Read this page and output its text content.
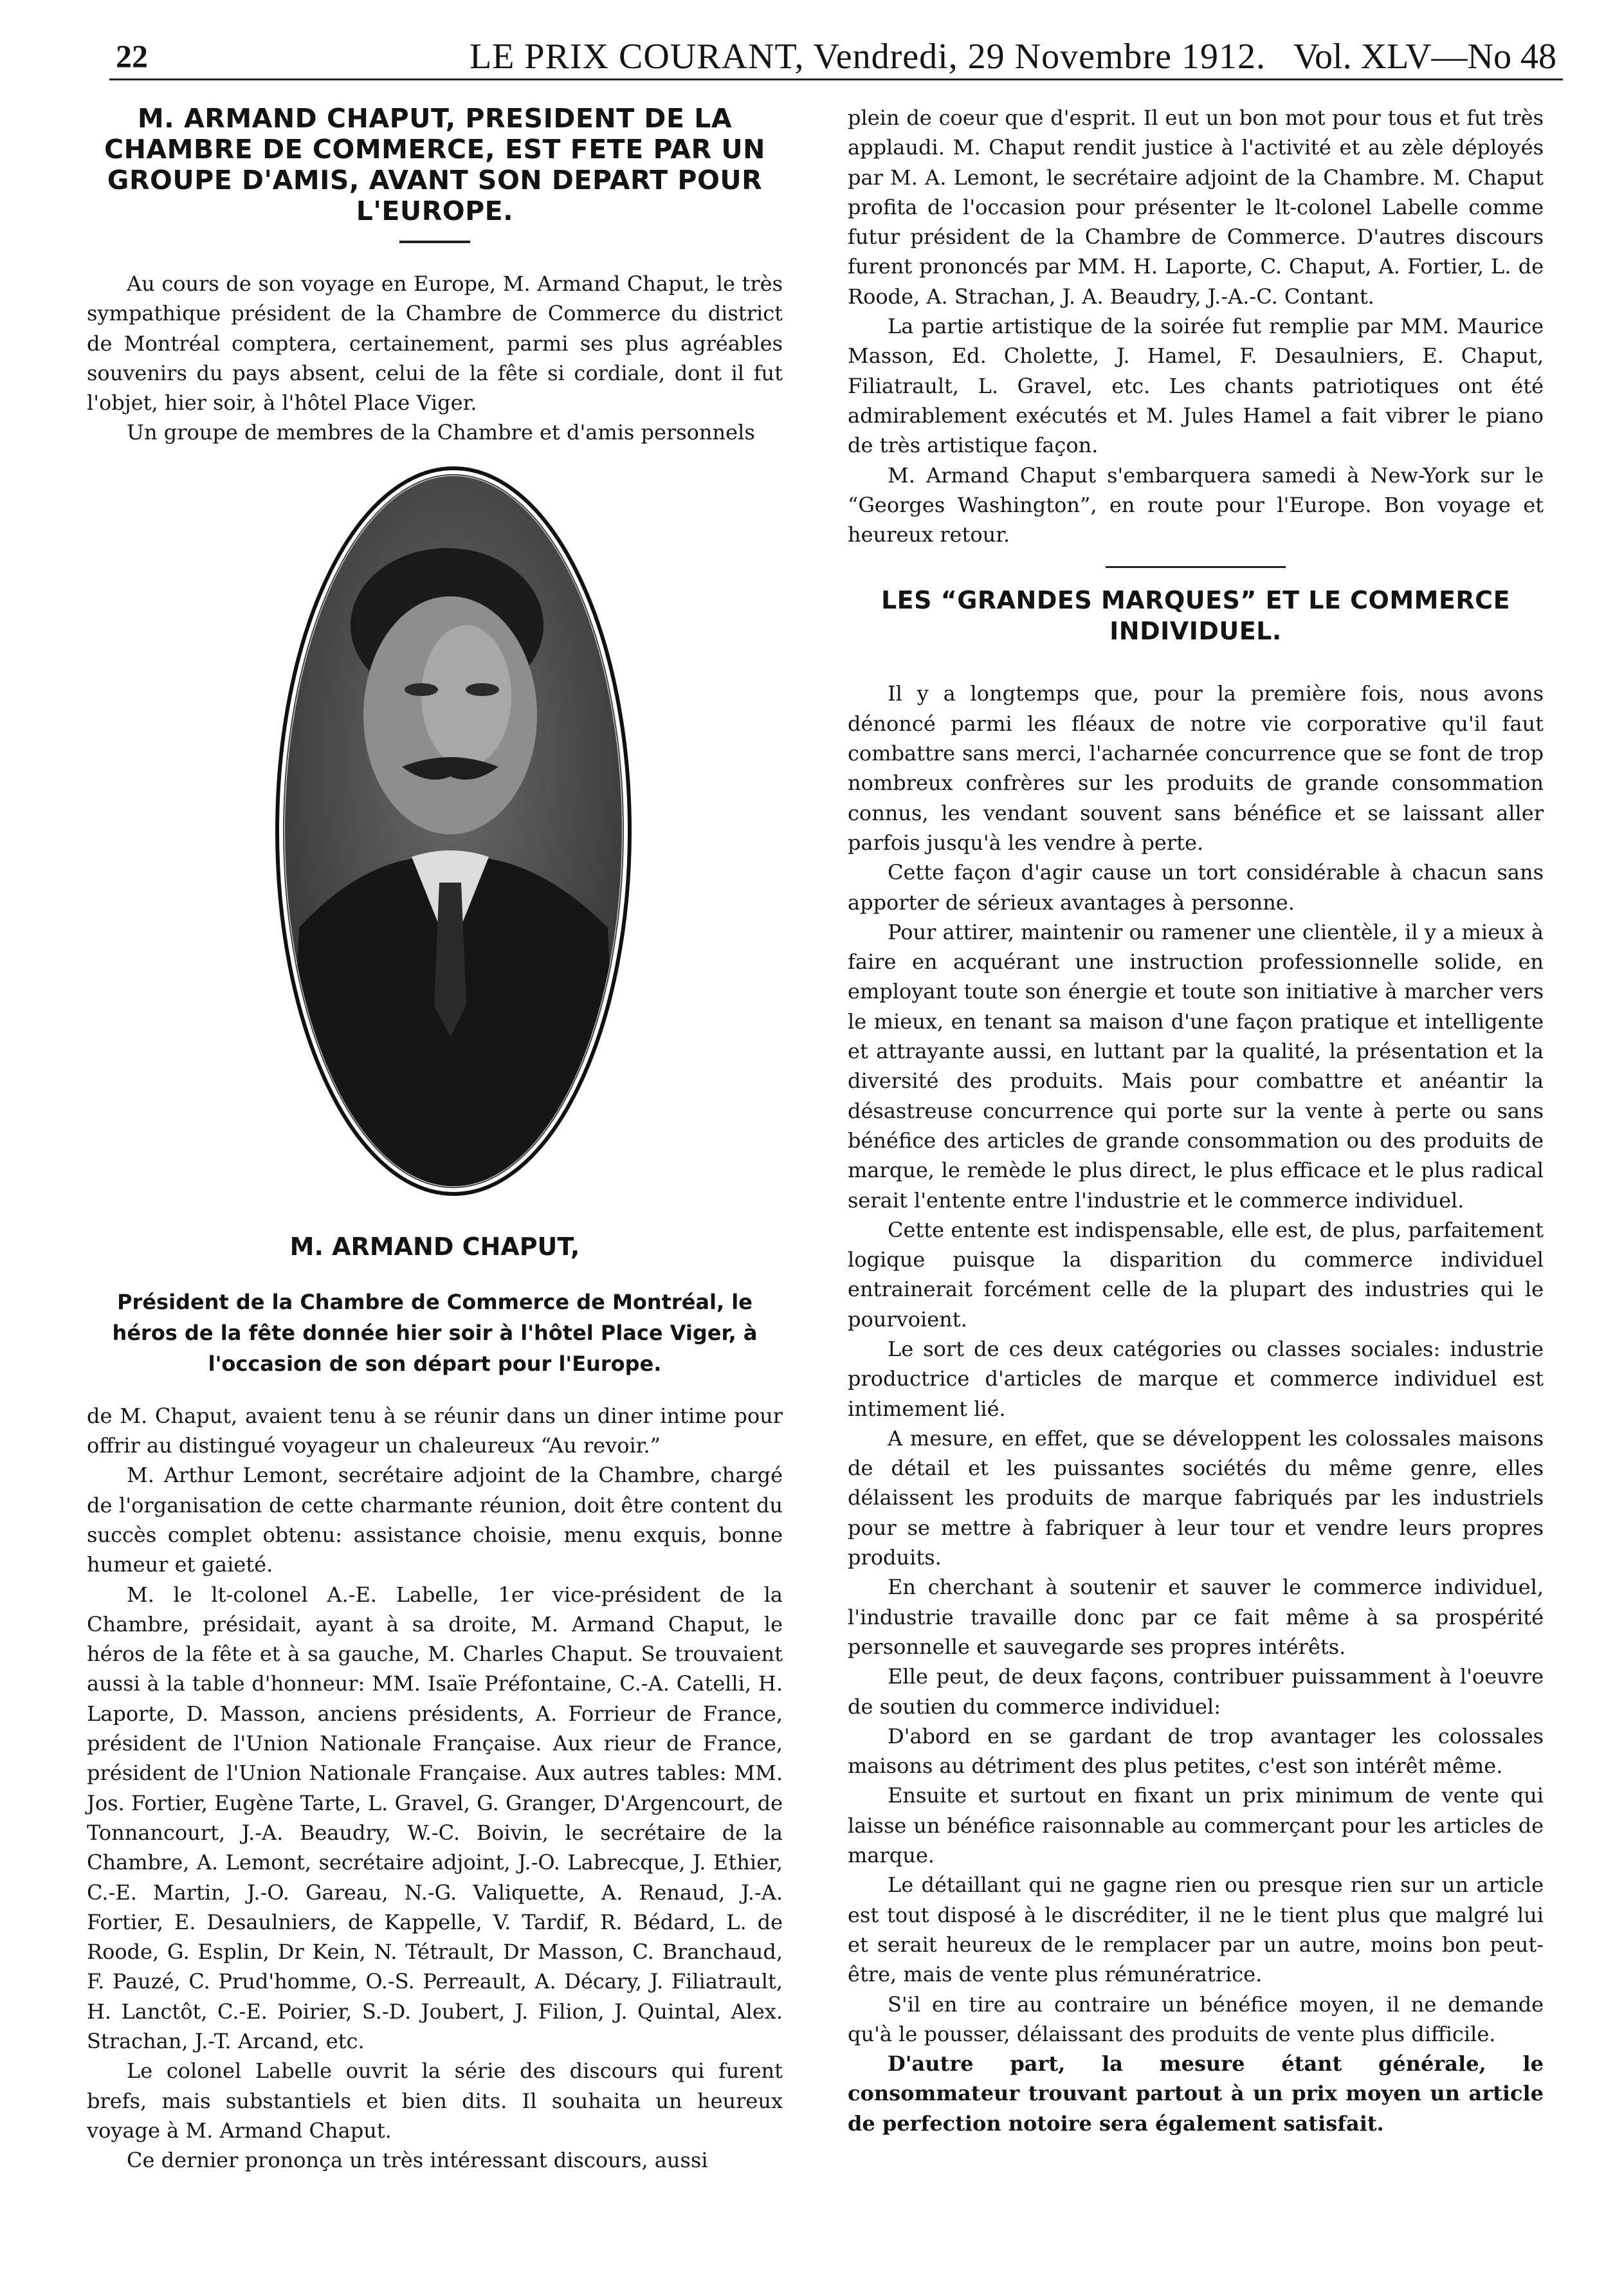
22	LE PRIX COURANT, Vendredi, 29 Novembre 1912. Vol. XLV—No 48
M. ARMAND CHAPUT, PRESIDENT DE LA CHAMBRE DE COMMERCE, EST FETE PAR UN GROUPE D'AMIS, AVANT SON DEPART POUR L'EUROPE.

Au cours de son voyage en Europe, M. Armand Chaput, le très sympathique président de la Chambre de Commerce du district de Montréal comptera, certainement, parmi ses plus agréables souvenirs du pays absent, celui de la fête si cordiale, dont il fut l'objet, hier soir, à l'hôtel Place Viger.

Un groupe de membres de la Chambre et d'amis personnels

M. ARMAND CHAPUT,
Président de la Chambre de Commerce de Montréal, le héros de la fête donnée hier soir à l'hôtel Place Viger, à l'occasion de son départ pour l'Europe.

de M. Chaput, avaient tenu à se réunir dans un diner intime pour offrir au distingué voyageur un chaleureux “Au revoir.”

M. Arthur Lemont, secrétaire adjoint de la Chambre, chargé de l'organisation de cette charmante réunion, doit être content du succès complet obtenu: assistance choisie, menu exquis, bonne humeur et gaieté.

M. le lt-colonel A.-E. Labelle, 1er vice-président de la Chambre, présidait, ayant à sa droite, M. Armand Chaput, le héros de la fête et à sa gauche, M. Charles Chaput. Se trouvaient aussi à la table d'honneur: MM. Isaïe Préfontaine, C.-A. Catelli, H. Laporte, D. Masson, anciens présidents, A. Forrieur de France, président de l'Union Nationale Française. Aux rieur de France, président de l'Union Nationale Française. Aux autres tables: MM. Jos. Fortier, Eugène Tarte, L. Gravel, G. Granger, D'Argencourt, de Tonnancourt, J.-A. Beaudry, W.-C. Boivin, le secrétaire de la Chambre, A. Lemont, secrétaire adjoint, J.-O. Labrecque, J. Ethier, C.-E. Martin, J.-O. Gareau, N.-G. Valiquette, A. Renaud, J.-A. Fortier, E. Desaulniers, de Kappelle, V. Tardif, R. Bédard, L. de Roode, G. Esplin, Dr Kein, N. Tétrault, Dr Masson, C. Branchaud, F. Pauzé, C. Prud'homme, O.-S. Perreault, A. Décary, J. Filiatrault, H. Lanctôt, C.-E. Poirier, S.-D. Joubert, J. Filion, J. Quintal, Alex. Strachan, J.-T. Arcand, etc.

Le colonel Labelle ouvrit la série des discours qui furent brefs, mais substantiels et bien dits. Il souhaita un heureux voyage à M. Armand Chaput.

Ce dernier prononça un très intéressant discours, aussi

plein de coeur que d'esprit. Il eut un bon mot pour tous et fut très applaudi. M. Chaput rendit justice à l'activité et au zèle déployés par M. A. Lemont, le secrétaire adjoint de la Chambre. M. Chaput profita de l'occasion pour présenter le lt-colonel Labelle comme futur président de la Chambre de Commerce. D'autres discours furent prononcés par MM. H. Laporte, C. Chaput, A. Fortier, L. de Roode, A. Strachan, J. A. Beaudry, J.-A.-C. Contant.

La partie artistique de la soirée fut remplie par MM. Maurice Masson, Ed. Cholette, J. Hamel, F. Desaulniers, E. Chaput, Filiatrault, L. Gravel, etc. Les chants patriotiques ont été admirablement exécutés et M. Jules Hamel a fait vibrer le piano de très artistique façon.

M. Armand Chaput s'embarquera samedi à New-York sur le “Georges Washington”, en route pour l'Europe. Bon voyage et heureux retour.

LES “GRANDES MARQUES” ET LE COMMERCE INDIVIDUEL.

Il y a longtemps que, pour la première fois, nous avons dénoncé parmi les fléaux de notre vie corporative qu'il faut combattre sans merci, l'acharnée concurrence que se font de trop nombreux confrères sur les produits de grande consommation connus, les vendant souvent sans bénéfice et se laissant aller parfois jusqu'à les vendre à perte.

Cette façon d'agir cause un tort considérable à chacun sans apporter de sérieux avantages à personne.

Pour attirer, maintenir ou ramener une clientèle, il y a mieux à faire en acquérant une instruction professionnelle solide, en employant toute son énergie et toute son initiative à marcher vers le mieux, en tenant sa maison d'une façon pratique et intelligente et attrayante aussi, en luttant par la qualité, la présentation et la diversité des produits. Mais pour combattre et anéantir la désastreuse concurrence qui porte sur la vente à perte ou sans bénéfice des articles de grande consommation ou des produits de marque, le remède le plus direct, le plus efficace et le plus radical serait l'entente entre l'industrie et le commerce individuel.

Cette entente est indispensable, elle est, de plus, parfaitement logique puisque la disparition du commerce individuel entrainerait forcément celle de la plupart des industries qui le pourvoient.

Le sort de ces deux catégories ou classes sociales: industrie productrice d'articles de marque et commerce individuel est intimement lié.

A mesure, en effet, que se développent les colossales maisons de détail et les puissantes sociétés du même genre, elles délaissent les produits de marque fabriqués par les industriels pour se mettre à fabriquer à leur tour et vendre leurs propres produits.

En cherchant à soutenir et sauver le commerce individuel, l'industrie travaille donc par ce fait même à sa prospérité personnelle et sauvegarde ses propres intérêts.

Elle peut, de deux façons, contribuer puissamment à l'oeuvre de soutien du commerce individuel:

D'abord en se gardant de trop avantager les colossales maisons au détriment des plus petites, c'est son intérêt même.

Ensuite et surtout en fixant un prix minimum de vente qui laisse un bénéfice raisonnable au commerçant pour les articles de marque.

Le détaillant qui ne gagne rien ou presque rien sur un article est tout disposé à le discréditer, il ne le tient plus que malgré lui et serait heureux de le remplacer par un autre, moins bon peut-être, mais de vente plus rémunératrice.

S'il en tire au contraire un bénéfice moyen, il ne demande qu'à le pousser, délaissant des produits de vente plus difficile.

D'autre part, la mesure étant générale, le consommateur trouvant partout à un prix moyen un article de perfection notoire sera également satisfait.
